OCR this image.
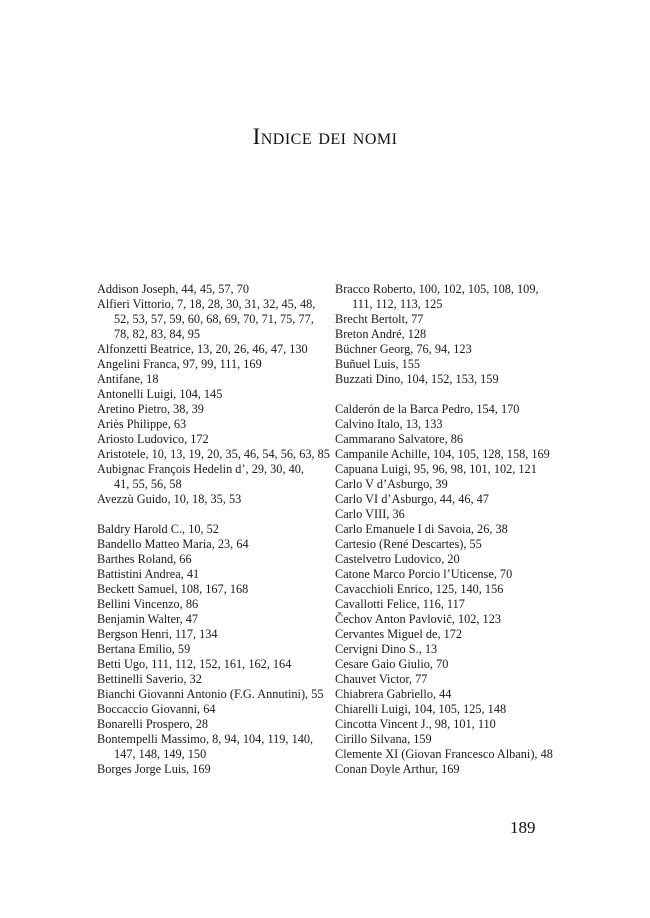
Indice dei nomi
Addison Joseph, 44, 45, 57, 70
Alfieri Vittorio, 7, 18, 28, 30, 31, 32, 45, 48,
52, 53, 57, 59, 60, 68, 69, 70, 71, 75, 77,
78, 82, 83, 84, 95
Alfonzetti Beatrice, 13, 20, 26, 46, 47, 130
Angelini Franca, 97, 99, 111, 169
Antifane, 18
Antonelli Luigi, 104, 145
Aretino Pietro, 38, 39
Ariès Philippe, 63
Ariosto Ludovico, 172
Aristotele, 10, 13, 19, 20, 35, 46, 54, 56, 63, 85
Aubignac François Hedelin d’, 29, 30, 40,
41, 55, 56, 58
Avezzù Guido, 10, 18, 35, 53
Baldry Harold C., 10, 52
Bandello Matteo Maria, 23, 64
Barthes Roland, 66
Battistini Andrea, 41
Beckett Samuel, 108, 167, 168
Bellini Vincenzo, 86
Benjamin Walter, 47
Bergson Henri, 117, 134
Bertana Emilio, 59
Betti Ugo, 111, 112, 152, 161, 162, 164
Bettinelli Saverio, 32
Bianchi Giovanni Antonio (F.G. Annutini), 55
Boccaccio Giovanni, 64
Bonarelli Prospero, 28
Bontempelli Massimo, 8, 94, 104, 119, 140,
147, 148, 149, 150
Borges Jorge Luis, 169
Bracco Roberto, 100, 102, 105, 108, 109,
111, 112, 113, 125
Brecht Bertolt, 77
Breton André, 128
Büchner Georg, 76, 94, 123
Buñuel Luis, 155
Buzzati Dino, 104, 152, 153, 159
Calderón de la Barca Pedro, 154, 170
Calvino Italo, 13, 133
Cammarano Salvatore, 86
Campanile Achille, 104, 105, 128, 158, 169
Capuana Luigi, 95, 96, 98, 101, 102, 121
Carlo V d’Asburgo, 39
Carlo VI d’Asburgo, 44, 46, 47
Carlo VIII, 36
Carlo Emanuele I di Savoia, 26, 38
Cartesio (René Descartes), 55
Castelvetro Ludovico, 20
Catone Marco Porcio l’Uticense, 70
Cavacchioli Enrico, 125, 140, 156
Cavallotti Felice, 116, 117
Čechov Anton Pavlovič, 102, 123
Cervantes Miguel de, 172
Cervigni Dino S., 13
Cesare Gaio Giulio, 70
Chauvet Victor, 77
Chiabrera Gabriello, 44
Chiarelli Luigi, 104, 105, 125, 148
Cincotta Vincent J., 98, 101, 110
Cirillo Silvana, 159
Clemente XI (Giovan Francesco Albani), 48
Conan Doyle Arthur, 169
189
